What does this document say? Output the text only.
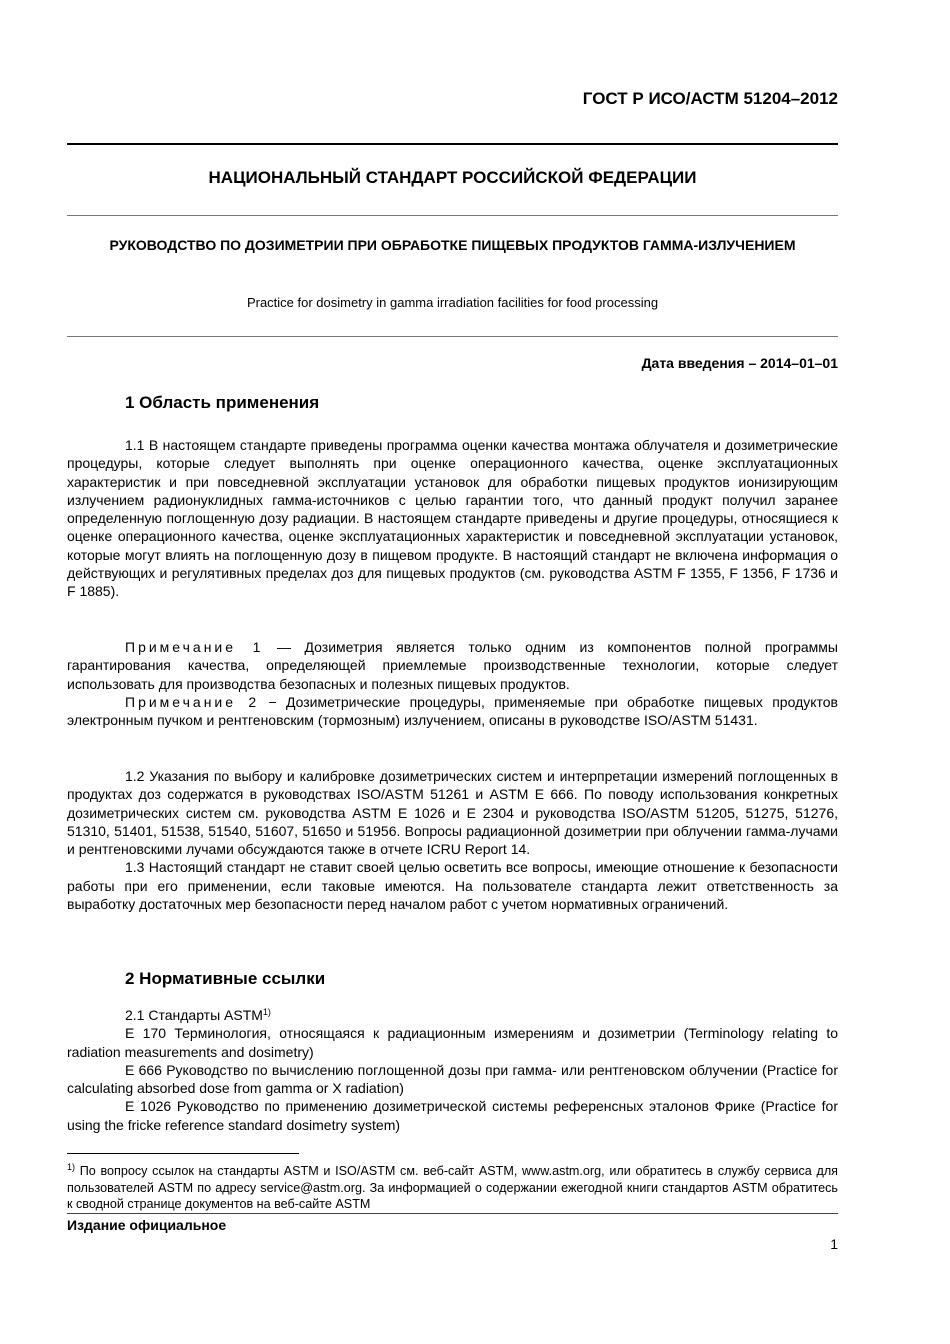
ГОСТ Р ИСО/АСТМ 51204–2012
НАЦИОНАЛЬНЫЙ СТАНДАРТ РОССИЙСКОЙ ФЕДЕРАЦИИ
РУКОВОДСТВО ПО ДОЗИМЕТРИИ ПРИ ОБРАБОТКЕ ПИЩЕВЫХ ПРОДУКТОВ ГАММА-ИЗЛУЧЕНИЕМ
Practice for dosimetry in gamma irradiation facilities for food processing
Дата введения – 2014–01–01
1 Область применения

1.1 В настоящем стандарте приведены программа оценки качества монтажа облучателя и дозиметрические процедуры, которые следует выполнять при оценке операционного качества, оценке эксплуатационных характеристик и при повседневной эксплуатации установок для обработки пищевых продуктов ионизирующим излучением радионуклидных гамма-источников с целью гарантии того, что данный продукт получил заранее определенную поглощенную дозу радиации. В настоящем стандарте приведены и другие процедуры, относящиеся к оценке операционного качества, оценке эксплуатационных характеристик и повседневной эксплуатации установок, которые могут влиять на поглощенную дозу в пищевом продукте. В настоящий стандарт не включена информация о действующих и регулятивных пределах доз для пищевых продуктов (см. руководства ASTM F 1355, F 1356, F 1736 и F 1885).

Примечание 1 — Дозиметрия является только одним из компонентов полной программы гарантирования качества, определяющей приемлемые производственные технологии, которые следует использовать для производства безопасных и полезных пищевых продуктов.

Примечание 2 − Дозиметрические процедуры, применяемые при обработке пищевых продуктов электронным пучком и рентгеновским (тормозным) излучением, описаны в руководстве ISO/ASTM 51431.

1.2 Указания по выбору и калибровке дозиметрических систем и интерпретации измерений поглощенных в продуктах доз содержатся в руководствах ISO/ASTM 51261 и ASTM E 666. По поводу использования конкретных дозиметрических систем см. руководства ASTM E 1026 и E 2304 и руководства ISO/ASTM 51205, 51275, 51276, 51310, 51401, 51538, 51540, 51607, 51650 и 51956. Вопросы радиационной дозиметрии при облучении гамма-лучами и рентгеновскими лучами обсуждаются также в отчете ICRU Report 14.

1.3 Настоящий стандарт не ставит своей целью осветить все вопросы, имеющие отношение к безопасности работы при его применении, если таковые имеются. На пользователе стандарта лежит ответственность за выработку достаточных мер безопасности перед началом работ с учетом нормативных ограничений.

2 Нормативные ссылки

2.1 Стандарты ASTM$^{1)}$

E 170 Терминология, относящаяся к радиационным измерениям и дозиметрии (Terminology relating to radiation measurements and dosimetry)

E 666 Руководство по вычислению поглощенной дозы при гамма- или рентгеновском облучении (Practice for calculating absorbed dose from gamma or X radiation)

E 1026 Руководство по применению дозиметрической системы референсных эталонов Фрике (Practice for using the fricke reference standard dosimetry system)

$^{1)}$ По вопросу ссылок на стандарты ASTM и ISO/ASTM см. веб-сайт ASTM, www.astm.org, или обратитесь в службу сервиса для пользователей ASTM по адресу service@astm.org. За информацией о содержании ежегодной книги стандартов ASTM обратитесь к сводной странице документов на веб-сайте ASTM

Издание официальное
1
